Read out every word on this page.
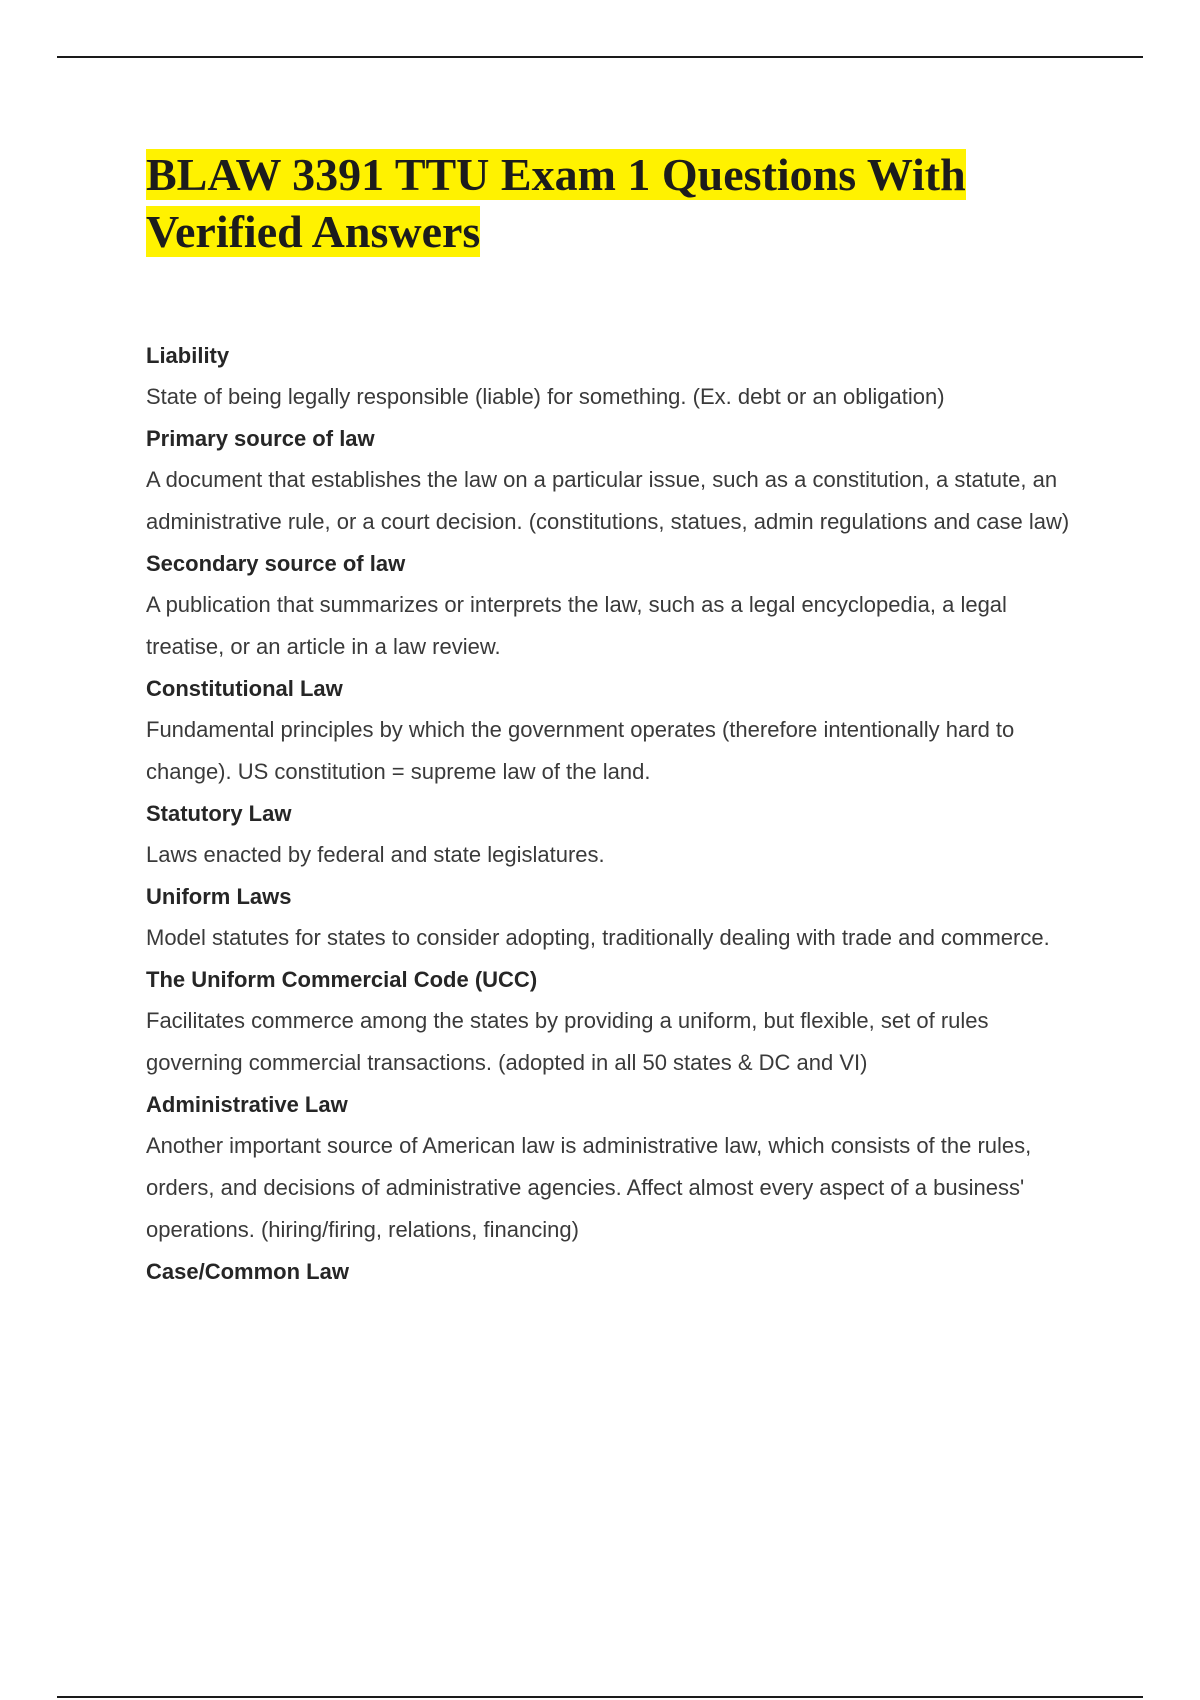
BLAW 3391 TTU Exam 1 Questions With Verified Answers

Liability

State of being legally responsible (liable) for something. (Ex. debt or an obligation)

Primary source of law

A document that establishes the law on a particular issue, such as a constitution, a statute, an administrative rule, or a court decision. (constitutions, statues, admin regulations and case law)

Secondary source of law

A publication that summarizes or interprets the law, such as a legal encyclopedia, a legal treatise, or an article in a law review.

Constitutional Law

Fundamental principles by which the government operates (therefore intentionally hard to change). US constitution = supreme law of the land.

Statutory Law

Laws enacted by federal and state legislatures.

Uniform Laws

Model statutes for states to consider adopting, traditionally dealing with trade and commerce.

The Uniform Commercial Code (UCC)

Facilitates commerce among the states by providing a uniform, but flexible, set of rules governing commercial transactions. (adopted in all 50 states & DC and VI)

Administrative Law

Another important source of American law is administrative law, which consists of the rules, orders, and decisions of administrative agencies. Affect almost every aspect of a business' operations. (hiring/firing, relations, financing)

Case/Common Law
